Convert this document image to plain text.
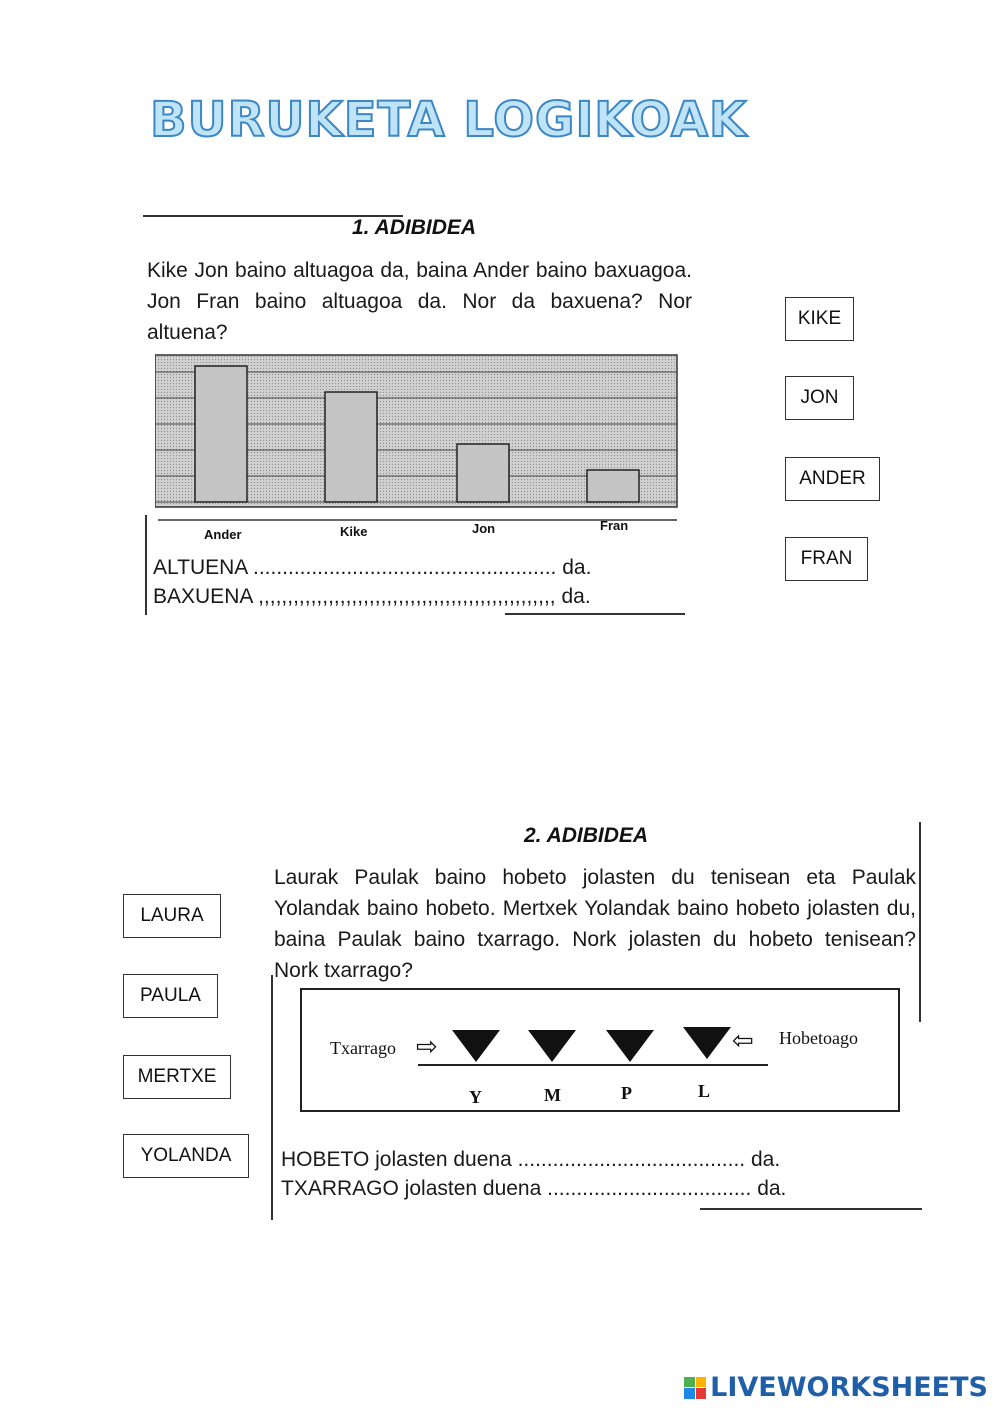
BURUKETA LOGIKOAK
1. ADIBIDEA
Kike Jon baino altuagoa da, baina Ander baino baxuagoa. Jon Fran baino altuagoa da. Nor da baxuena? Nor altuena?
Ander	Kike	Jon	Fran
ALTUENA .................................................... da.
BAXUENA ,,,,,,,,,,,,,,,,,,,,,,,,,,,,,,,,,,,,,,,,,,,,,,,,,,, da.
KIKE
JON
ANDER
FRAN
2. ADIBIDEA
Laurak Paulak baino hobeto jolasten du tenisean eta Paulak Yolandak baino hobeto. Mertxek Yolandak baino hobeto jolasten du, baina Paulak baino txarrago. Nork jolasten du hobeto tenisean? Nork txarrago?
Txarrago ⇨	⇦ Hobetoago
Y	M	P	L
HOBETO jolasten duena ....................................... da.
TXARRAGO jolasten duena ................................... da.
LAURA
PAULA
MERTXE
YOLANDA
LIVEWORKSHEETS
